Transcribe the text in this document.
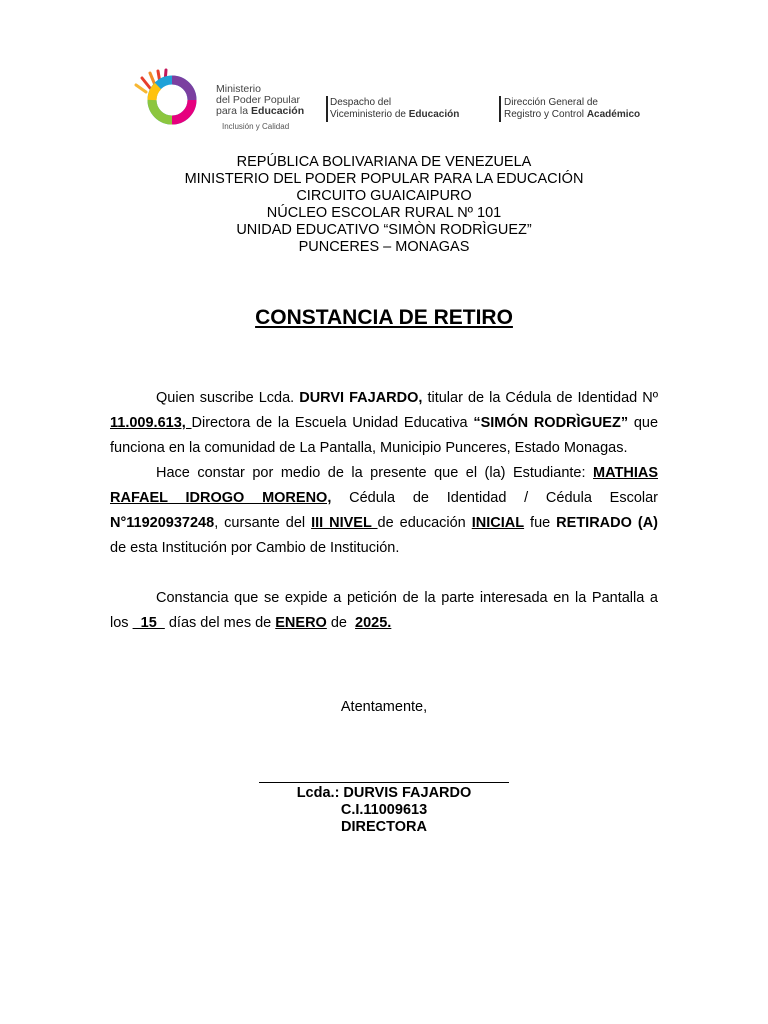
Ministerio
del Poder Popular
para la Educación
Inclusión y Calidad
Despacho del
Viceministerio de Educación
Dirección General de
Registro y Control Académico
REPÚBLICA BOLIVARIANA DE VENEZUELA
MINISTERIO DEL PODER POPULAR PARA LA EDUCACIÓN
CIRCUITO GUAICAIPURO
NÚCLEO ESCOLAR RURAL Nº 101
UNIDAD EDUCATIVO “SIMÒN RODRÌGUEZ”
PUNCERES – MONAGAS
CONSTANCIA DE RETIRO

Quien suscribe Lcda. DURVI FAJARDO, titular de la Cédula de Identidad Nº 11.009.613, Directora de la Escuela Unidad Educativa “SIMÓN RODRÌGUEZ” que funciona en la comunidad de La Pantalla, Municipio Punceres, Estado Monagas.

Hace constar por medio de la presente que el (la) Estudiante: MATHIAS RAFAEL IDROGO MORENO, Cédula de Identidad / Cédula Escolar N°11920937248, cursante del III NIVEL de educación INICIAL fue RETIRADO (A) de esta Institución por Cambio de Institución.

Constancia que se expide a petición de la parte interesada en la Pantalla a los   15   días del mes de ENERO de  2025.

Atentamente,
Lcda.: DURVIS FAJARDO
C.I.11009613
DIRECTORA
